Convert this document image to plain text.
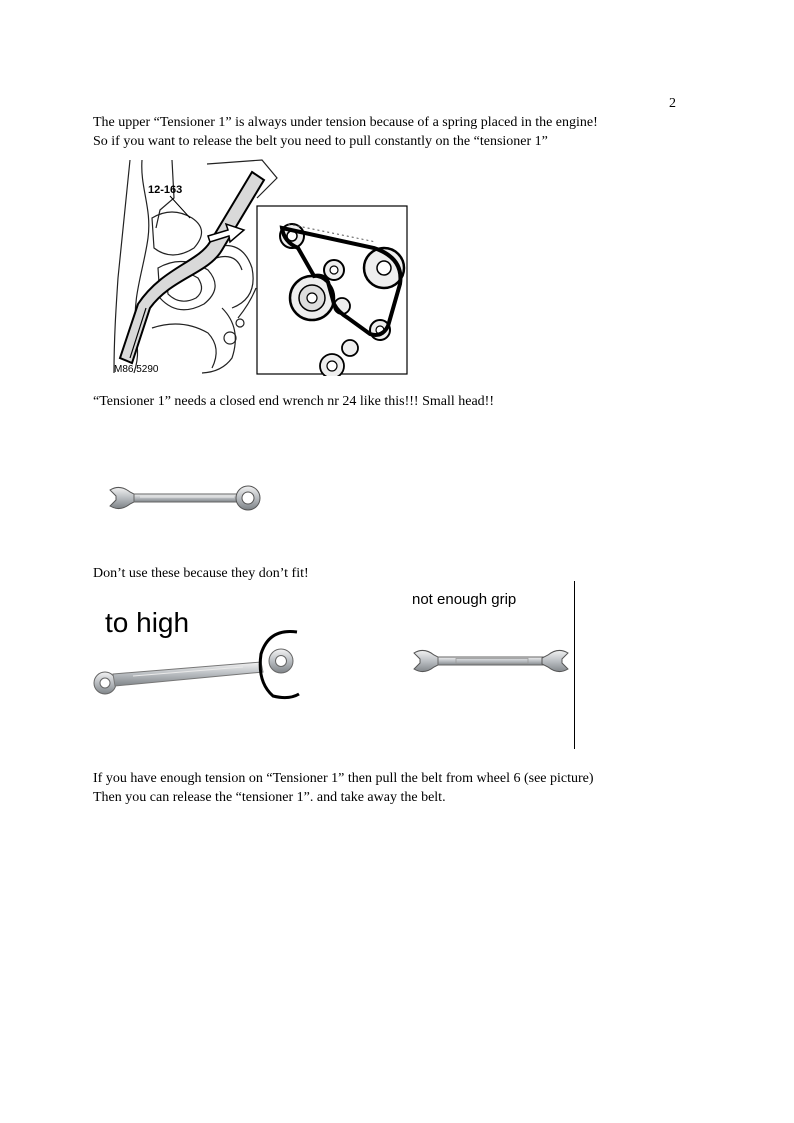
2
The upper “Tensioner 1” is always under tension because of a spring placed in the engine!
So if you want to release the belt you need to pull constantly on the “tensioner 1”
12-163
M86 5290
“Tensioner 1” needs a closed end wrench nr 24 like this!!! Small head!!
Don’t use these because they don’t fit!
to high
not enough grip
If you have enough tension on “Tensioner 1” then pull the belt from wheel 6 (see picture)
Then you can release the “tensioner 1”. and take away the belt.
